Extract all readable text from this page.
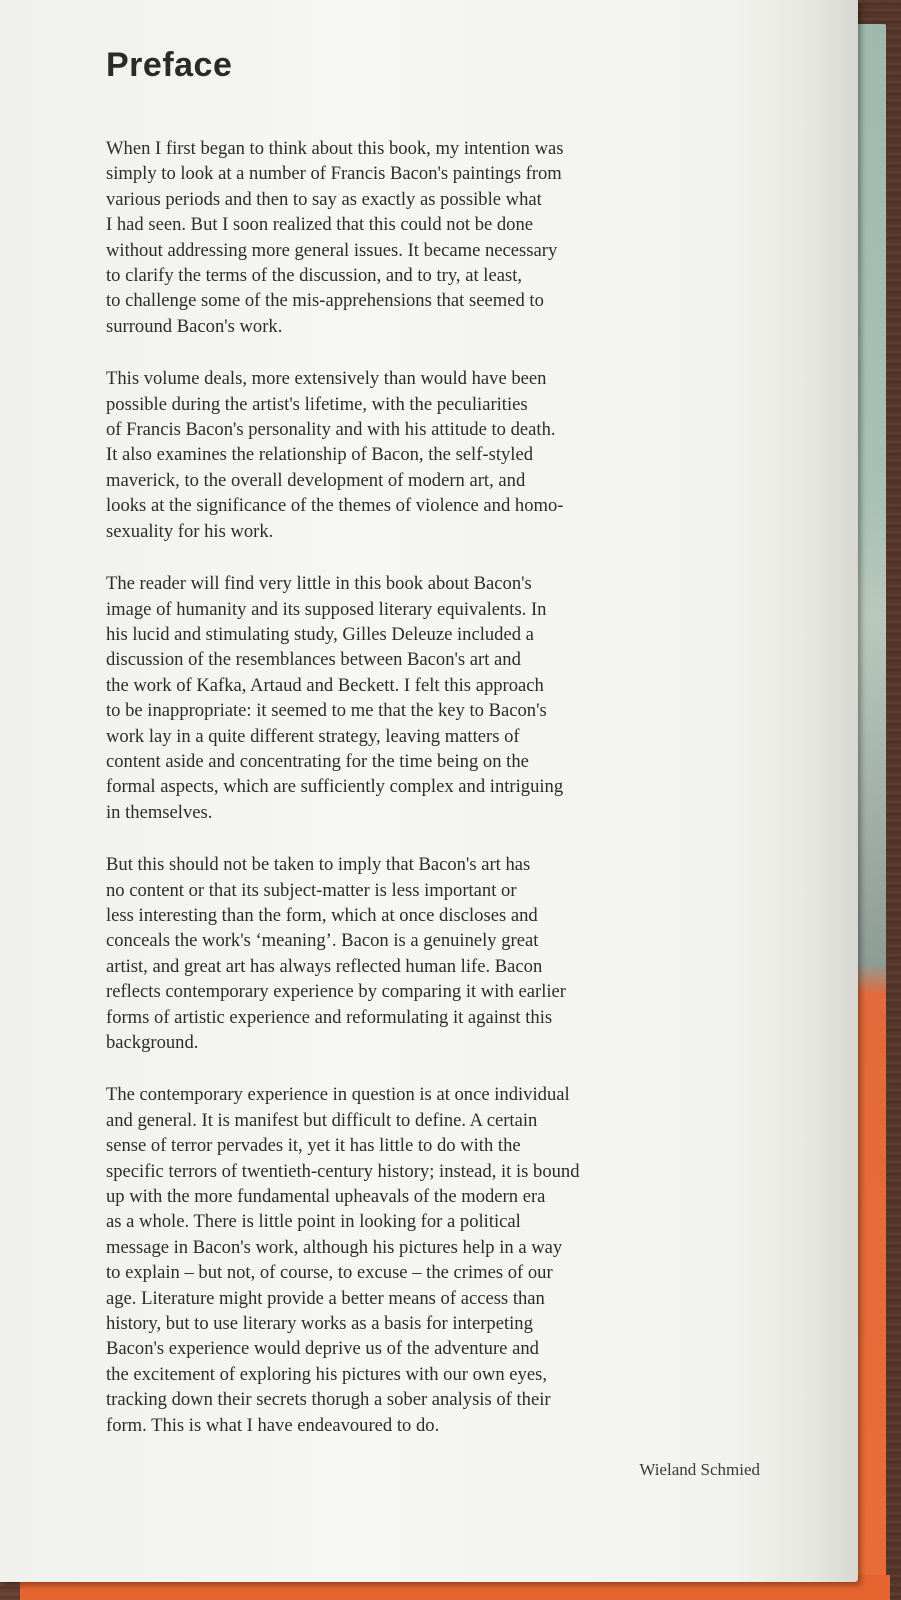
Preface

When I first began to think about this book, my intention was
simply to look at a number of Francis Bacon's paintings from
various periods and then to say as exactly as possible what
I had seen. But I soon realized that this could not be done
without addressing more general issues. It became necessary
to clarify the terms of the discussion, and to try, at least,
to challenge some of the mis-apprehensions that seemed to
surround Bacon's work.

This volume deals, more extensively than would have been
possible during the artist's lifetime, with the peculiarities
of Francis Bacon's personality and with his attitude to death.
It also examines the relationship of Bacon, the self-styled
maverick, to the overall development of modern art, and
looks at the significance of the themes of violence and homo-
sexuality for his work.

The reader will find very little in this book about Bacon's
image of humanity and its supposed literary equivalents. In
his lucid and stimulating study, Gilles Deleuze included a
discussion of the resemblances between Bacon's art and
the work of Kafka, Artaud and Beckett. I felt this approach
to be inappropriate: it seemed to me that the key to Bacon's
work lay in a quite different strategy, leaving matters of
content aside and concentrating for the time being on the
formal aspects, which are sufficiently complex and intriguing
in themselves.

But this should not be taken to imply that Bacon's art has
no content or that its subject-matter is less important or
less interesting than the form, which at once discloses and
conceals the work's ‘meaning’. Bacon is a genuinely great
artist, and great art has always reflected human life. Bacon
reflects contemporary experience by comparing it with earlier
forms of artistic experience and reformulating it against this
background.

The contemporary experience in question is at once individual
and general. It is manifest but difficult to define. A certain
sense of terror pervades it, yet it has little to do with the
specific terrors of twentieth-century history; instead, it is bound
up with the more fundamental upheavals of the modern era
as a whole. There is little point in looking for a political
message in Bacon's work, although his pictures help in a way
to explain – but not, of course, to excuse – the crimes of our
age. Literature might provide a better means of access than
history, but to use literary works as a basis for interpeting
Bacon's experience would deprive us of the adventure and
the excitement of exploring his pictures with our own eyes,
tracking down their secrets thorugh a sober analysis of their
form. This is what I have endeavoured to do.

Wieland Schmied
